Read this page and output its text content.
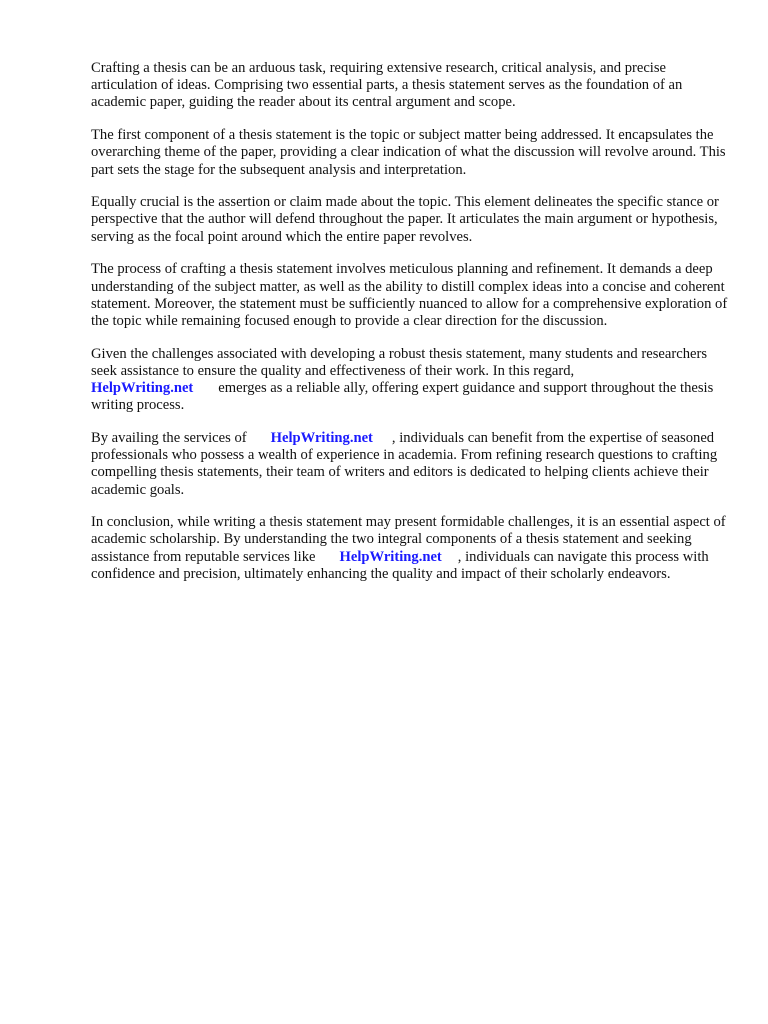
Crafting a thesis can be an arduous task, requiring extensive research, critical analysis, and precise articulation of ideas. Comprising two essential parts, a thesis statement serves as the foundation of an academic paper, guiding the reader about its central argument and scope.

The first component of a thesis statement is the topic or subject matter being addressed. It encapsulates the overarching theme of the paper, providing a clear indication of what the discussion will revolve around. This part sets the stage for the subsequent analysis and interpretation.

Equally crucial is the assertion or claim made about the topic. This element delineates the specific stance or perspective that the author will defend throughout the paper. It articulates the main argument or hypothesis, serving as the focal point around which the entire paper revolves.

The process of crafting a thesis statement involves meticulous planning and refinement. It demands a deep understanding of the subject matter, as well as the ability to distill complex ideas into a concise and coherent statement. Moreover, the statement must be sufficiently nuanced to allow for a comprehensive exploration of the topic while remaining focused enough to provide a clear direction for the discussion.

Given the challenges associated with developing a robust thesis statement, many students and researchers seek assistance to ensure the quality and effectiveness of their work. In this regard,
HelpWriting.net emerges as a reliable ally, offering expert guidance and support throughout the thesis writing process.

By availing the services of HelpWriting.net , individuals can benefit from the expertise of seasoned professionals who possess a wealth of experience in academia. From refining research questions to crafting compelling thesis statements, their team of writers and editors is dedicated to helping clients achieve their academic goals.

In conclusion, while writing a thesis statement may present formidable challenges, it is an essential aspect of academic scholarship. By understanding the two integral components of a thesis statement and seeking assistance from reputable services like HelpWriting.net , individuals can navigate this process with confidence and precision, ultimately enhancing the quality and impact of their scholarly endeavors.
